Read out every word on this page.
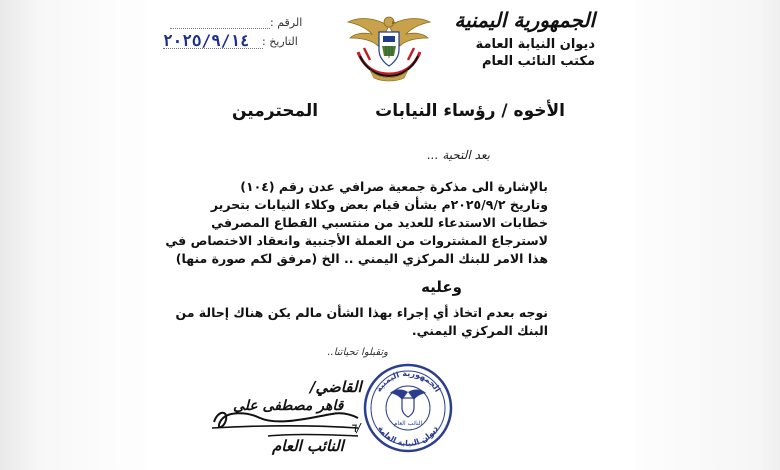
الجمهورية اليمنية
ديوان النيابة العامة
مكتب النائب العام
الرقم :
التاريخ :
٢٠٢٥/٩/١٤
الأخوه / رؤساء النيابات
المحترمين
بعد التحية ...
بالإشارة الى مذكرة جمعية صرافي عدن رقم (١٠٤)
وتاريخ ٢٠٢٥/٩/٢م بشأن قيام بعض وكلاء النيابات بتحرير
خطابات الاستدعاء للعديد من منتسبي القطاع المصرفي
لاسترجاع المشتروات من العملة الأجنبية وانعقاد الاختصاص في
هذا الامر للبنك المركزي اليمني .. الخ (مرفق لكم صورة منها)
وعليه
نوجه بعدم اتخاذ أي إجراء بهذا الشأن مالم يكن هناك إحالة من
البنك المركزي اليمني.
وتقبلوا تحياتنا..
الجمهورية اليمنية
ديوان النيابة العامة
النائب العام
القاضي/
قاهر مصطفى علي
٦/
النائب العام
